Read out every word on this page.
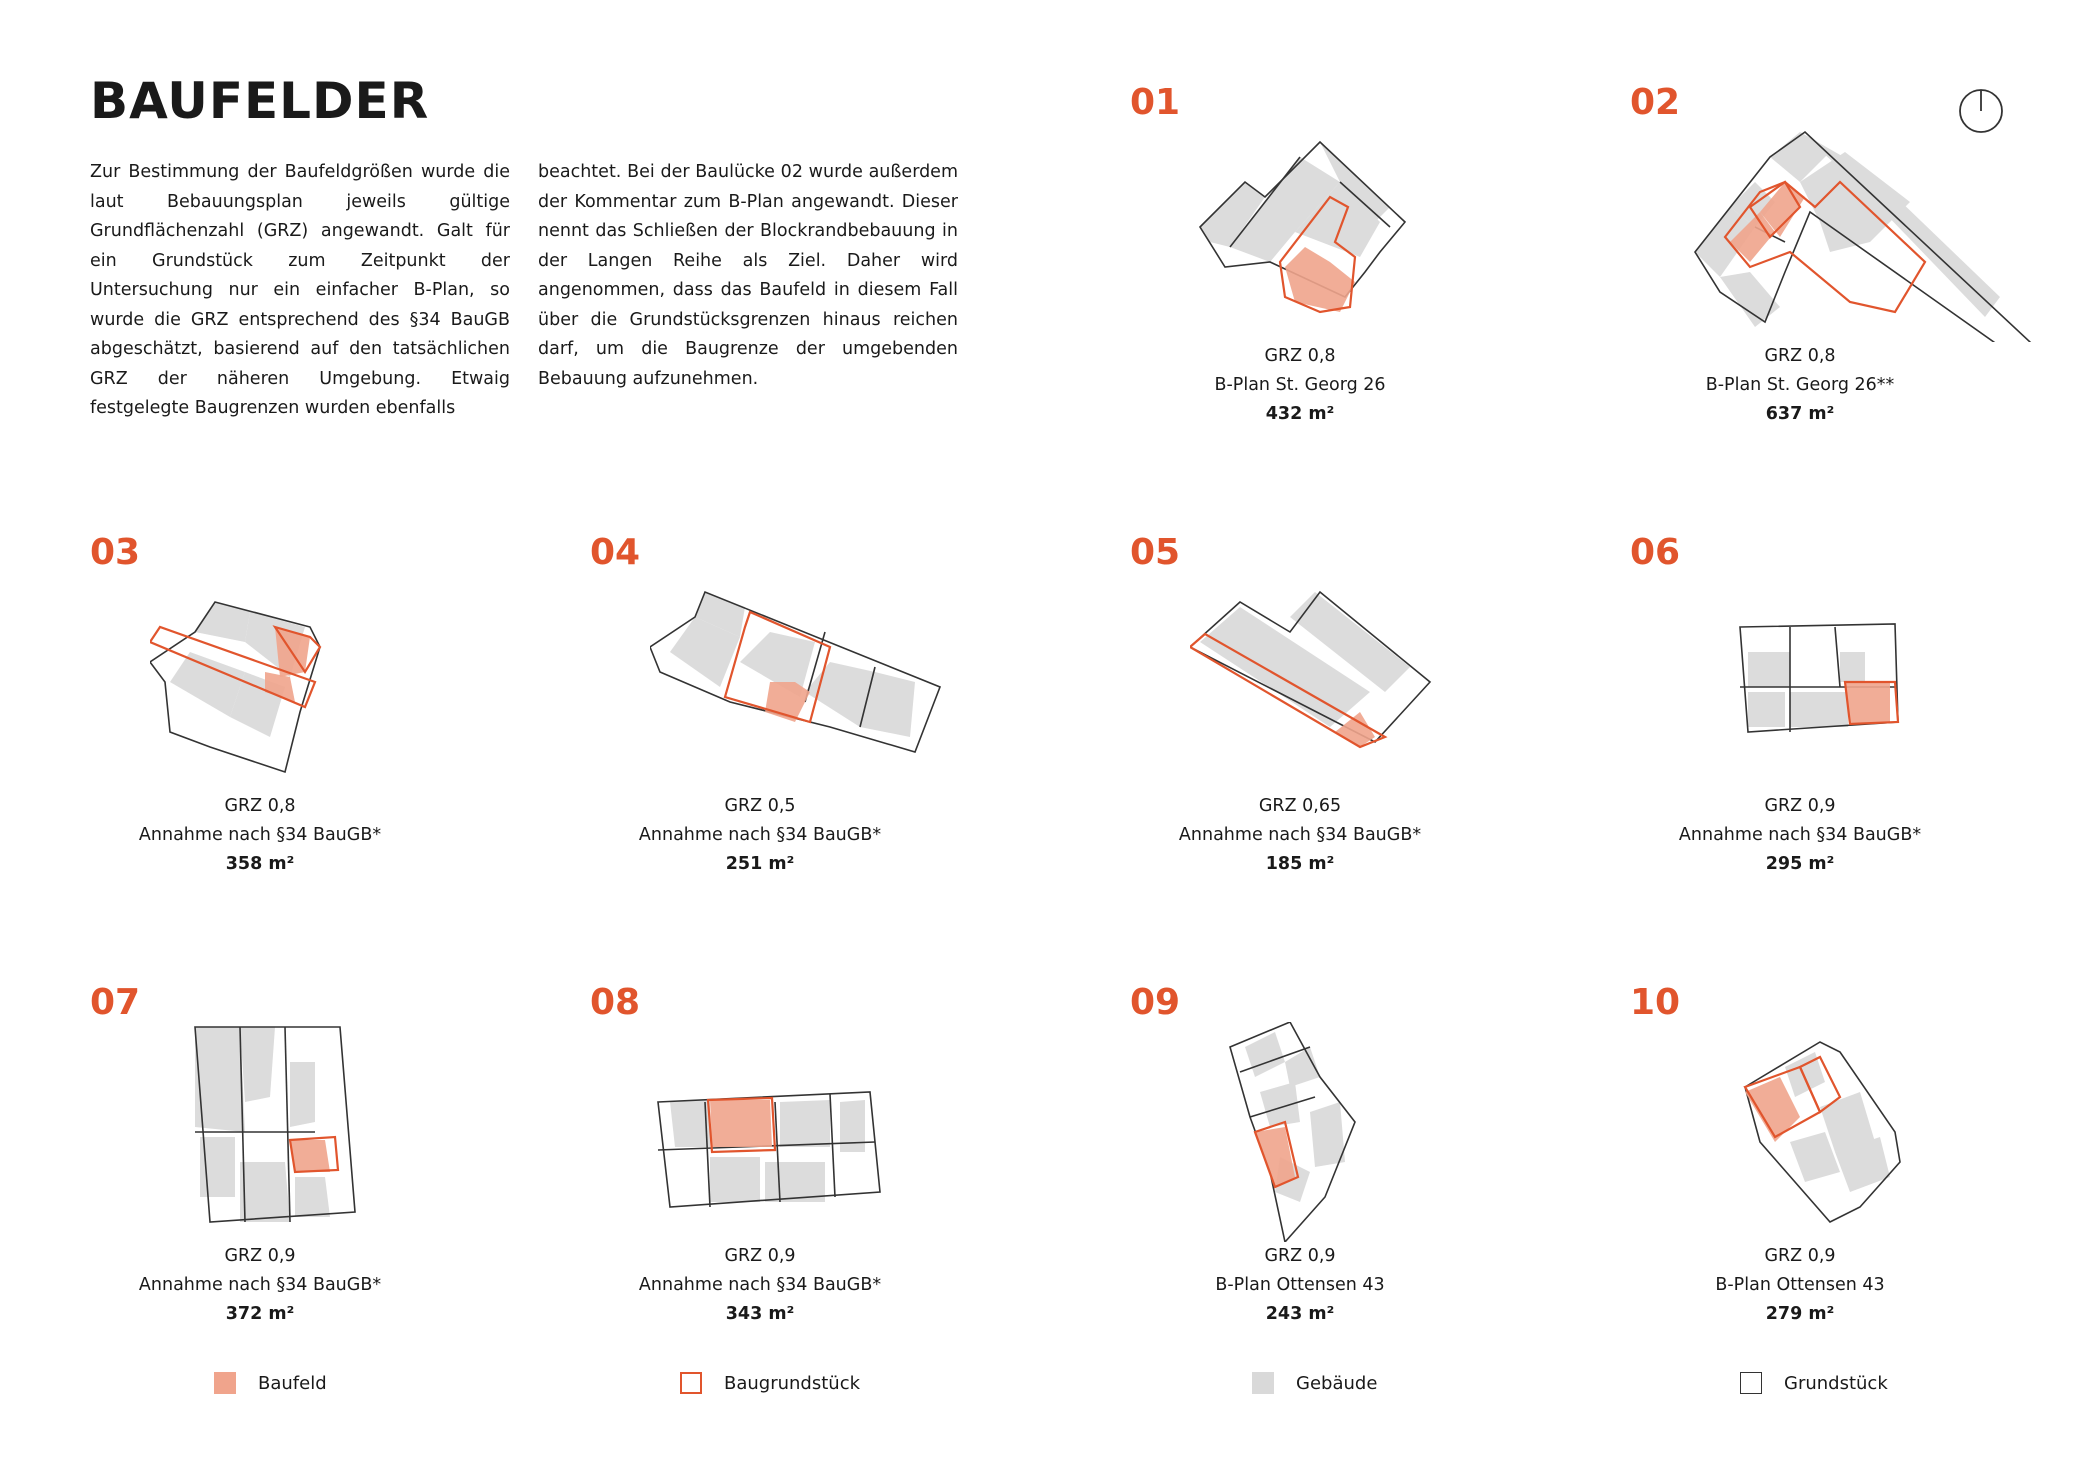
BAUFELDER

Zur Bestimmung der Baufeldgrößen wurde die laut Bebauungsplan jeweils gültige Grundflächenzahl (GRZ) angewandt. Galt für ein Grundstück zum Zeitpunkt der Untersuchung nur ein einfacher B-Plan, so wurde die GRZ entsprechend des §34 BauGB abgeschätzt, basierend auf den tatsächlichen GRZ der näheren Umgebung. Etwaig festgelegte Baugrenzen wurden ebenfalls

beachtet. Bei der Baulücke 02 wurde außerdem der Kommentar zum B-Plan angewandt. Dieser nennt das Schließen der Blockrandbebauung in der Langen Reihe als Ziel. Daher wird angenommen, dass das Baufeld in diesem Fall über die Grundstücksgrenzen hinaus reichen darf, um die Baugrenze der umgebenden Bebauung aufzunehmen.

01
GRZ 0,8
B-Plan St. Georg 26
432 m²
02
GRZ 0,8
B-Plan St. Georg 26**
637 m²
03
GRZ 0,8
Annahme nach §34 BauGB*
358 m²
04
GRZ 0,5
Annahme nach §34 BauGB*
251 m²
05
GRZ 0,65
Annahme nach §34 BauGB*
185 m²
06
GRZ 0,9
Annahme nach §34 BauGB*
295 m²
07
GRZ 0,9
Annahme nach §34 BauGB*
372 m²
08
GRZ 0,9
Annahme nach §34 BauGB*
343 m²
09
GRZ 0,9
B-Plan Ottensen 43
243 m²
10
GRZ 0,9
B-Plan Ottensen 43
279 m²
Baufeld	Baugrundstück	Gebäude	Grundstück
